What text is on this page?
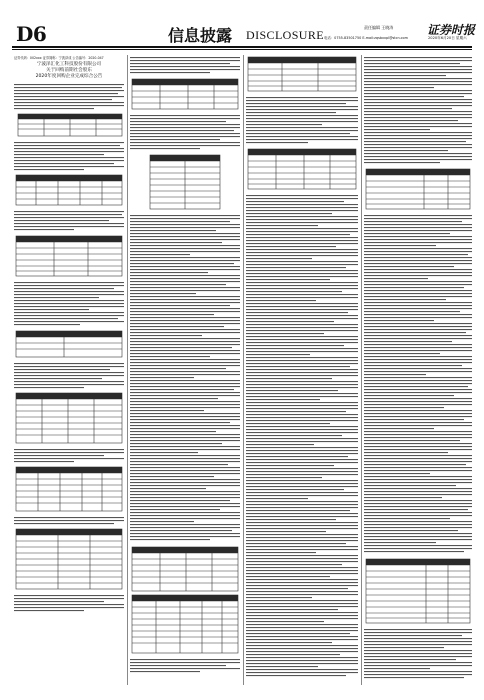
D6	信息披露 DISCLOSURE
责任编辑 王晓涛
电话：0755-83501750 E-mail:zqsbxxpl@stcn.com
证券时报
2020年6月20日 星期六
证券代码：002xxx 证券简称：宁波泽成 公告编号：2020-047
宁波泽汇化工科技股份有限公司
关于回购前期社会股东
2020年度回购企业完成综合公告
